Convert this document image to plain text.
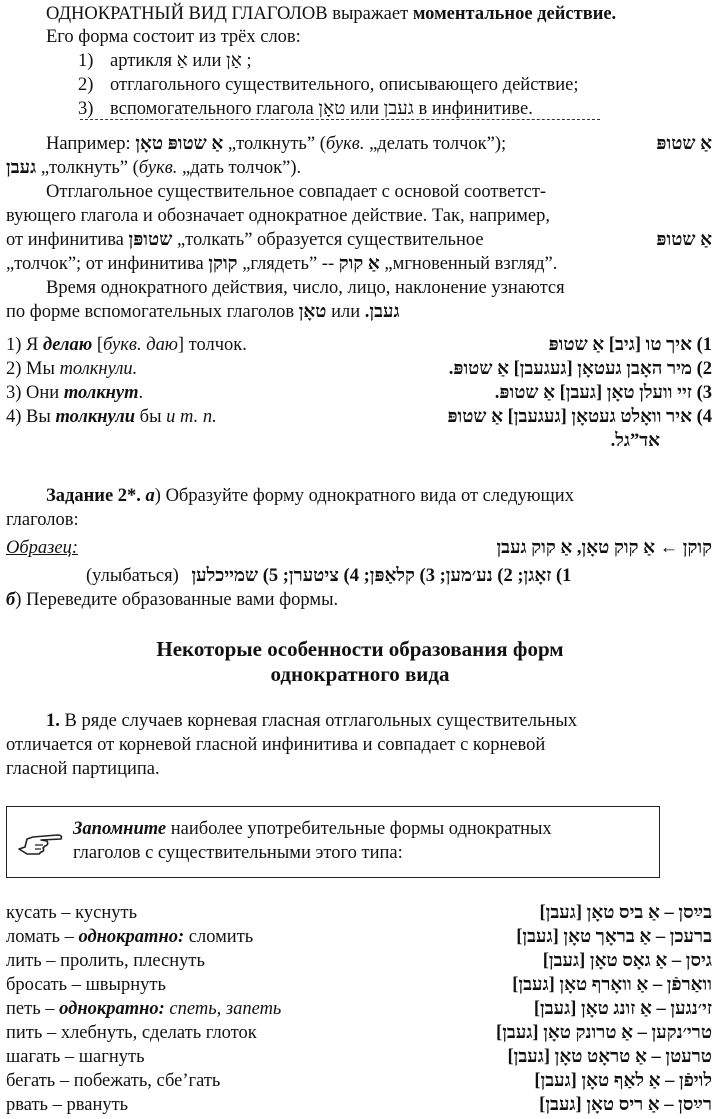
ОДНОКРАТНЫЙ ВИД ГЛАГОЛОВ выражает моментальное действие.
Его форма состоит из трёх слов:
1) артикля אַ или אַן ;
2) отглагольного существительного, описывающего действие;
3) вспомогательного глагола טאָן или געבן в инфинитиве.
Например: אַ שטופּ טאָן „толкнуть” (букв. „делать толчок”);	אַ שטופּ
געבן „толкнуть” (букв. „дать толчок”).
Отглагольное существительное совпадает с основой соответст-
вующего глагола и обозначает однократное действие. Так, например,
от инфинитива שטופּן „толкать” образуется существительное	אַ שטופּ
„толчок”; от инфинитива קוקן „глядеть” -- אַ קוק „мгновенный взгляд”.
Время однократного действия, число, лицо, наклонение узнаются
по форме вспомогательных глаголов טאָן или געבן.
1) Я делаю [букв. даю] толчок.	1) איך טו [גיב] אַ שטופּ
2) Мы толкнули.	2) מיר האָבן געטאָן [געגעבן] אַ שטופּ.
3) Они толкнут.	3) זיי וועלן טאָן [געבן] אַ שטופּ.
4) Вы толкнули бы и т. п.	4) איר וואָלט געטאָן [געגעבן] אַ שטופּ
אד”גל.
Задание 2*. а) Образуйте форму однократного вида от следующих
глаголов:
Образец:	קוקן ← אַ קוק טאָן, אַ קוק געבן
(улыбаться) 1) זאָגן; 2) נע׳מען; 3) קלאַפּן; 4) ציטערן; 5) שמייכלען
б) Переведите образованные вами формы.
Некоторые особенности образования форм
однократного вида
1. В ряде случаев корневая гласная отглагольных существительных
отличается от корневой гласной инфинитива и совпадает с корневой
гласной партиципа.
Запомните наиболее употребительные формы однократных
глаголов с существительными этого типа:
кусать – куснуть	בײַסן – אַ ביס טאָן [געבן]
ломать – однократно: сломить	ברעכן – אַ בראָך טאָן [געבן]
лить – пролить, плеснуть	גיסן – אַ גאָס טאָן [געבן]
бросать – швырнуть	וואַרפֿן – אַ וואָרף טאָן [געבן]
петь – однократно: спеть, запеть	זי׳נגען – אַ זונג טאָן [געבן]
пить – хлебнуть, сделать глоток	טרי׳נקען – אַ טרונק טאָן [געבן]
шагать – шагнуть	טרעטן – אַ טראָט טאָן [געבן]
бегать – побежать, сбе’гать	לויפֿן – אַ לאַף טאָן [געבן]
рвать – рвануть	רײַסן – אַ ריס טאָן [געבן]
